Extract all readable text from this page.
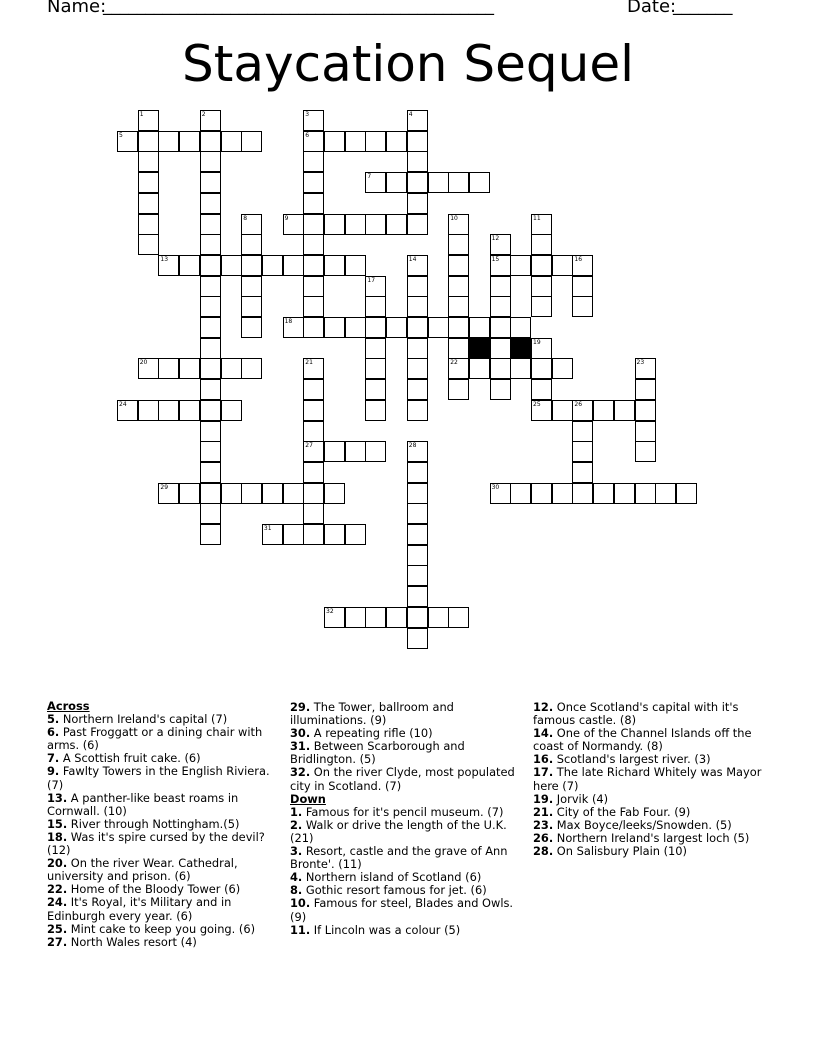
Name:
______________________________________________	Date:
_______
Staycation Sequel
5	6
7
9
13	15	16
18
20	22
24	25	26
27
29	30
31
32
1	2	3	4
8	10	11
12
14
17
19
21	23
28
Across
5. Northern Ireland's capital (7)
6. Past Froggatt or a dining chair with arms. (6)
7. A Scottish fruit cake. (6)
9. Fawlty Towers in the English Riviera. (7)
13. A panther-like beast roams in Cornwall. (10)
15. River through Nottingham.(5)
18. Was it's spire cursed by the devil? (12)
20. On the river Wear. Cathedral, university and prison. (6)
22. Home of the Bloody Tower (6)
24. It's Royal, it's Military and in Edinburgh every year. (6)
25. Mint cake to keep you going. (6)
27. North Wales resort (4)
29. The Tower, ballroom and illuminations. (9)
30. A repeating rifle (10)
31. Between Scarborough and Bridlington. (5)
32. On the river Clyde, most populated city in Scotland. (7)
Down
1. Famous for it's pencil museum. (7)
2. Walk or drive the length of the U.K. (21)
3. Resort, castle and the grave of Ann Bronte'. (11)
4. Northern island of Scotland (6)
8. Gothic resort famous for jet. (6)
10. Famous for steel, Blades and Owls. (9)
11. If Lincoln was a colour (5)
12. Once Scotland's capital with it's famous castle. (8)
14. One of the Channel Islands off the coast of Normandy. (8)
16. Scotland's largest river. (3)
17. The late Richard Whitely was Mayor here (7)
19. Jorvik (4)
21. City of the Fab Four. (9)
23. Max Boyce/leeks/Snowden. (5)
26. Northern Ireland's largest loch (5)
28. On Salisbury Plain (10)
